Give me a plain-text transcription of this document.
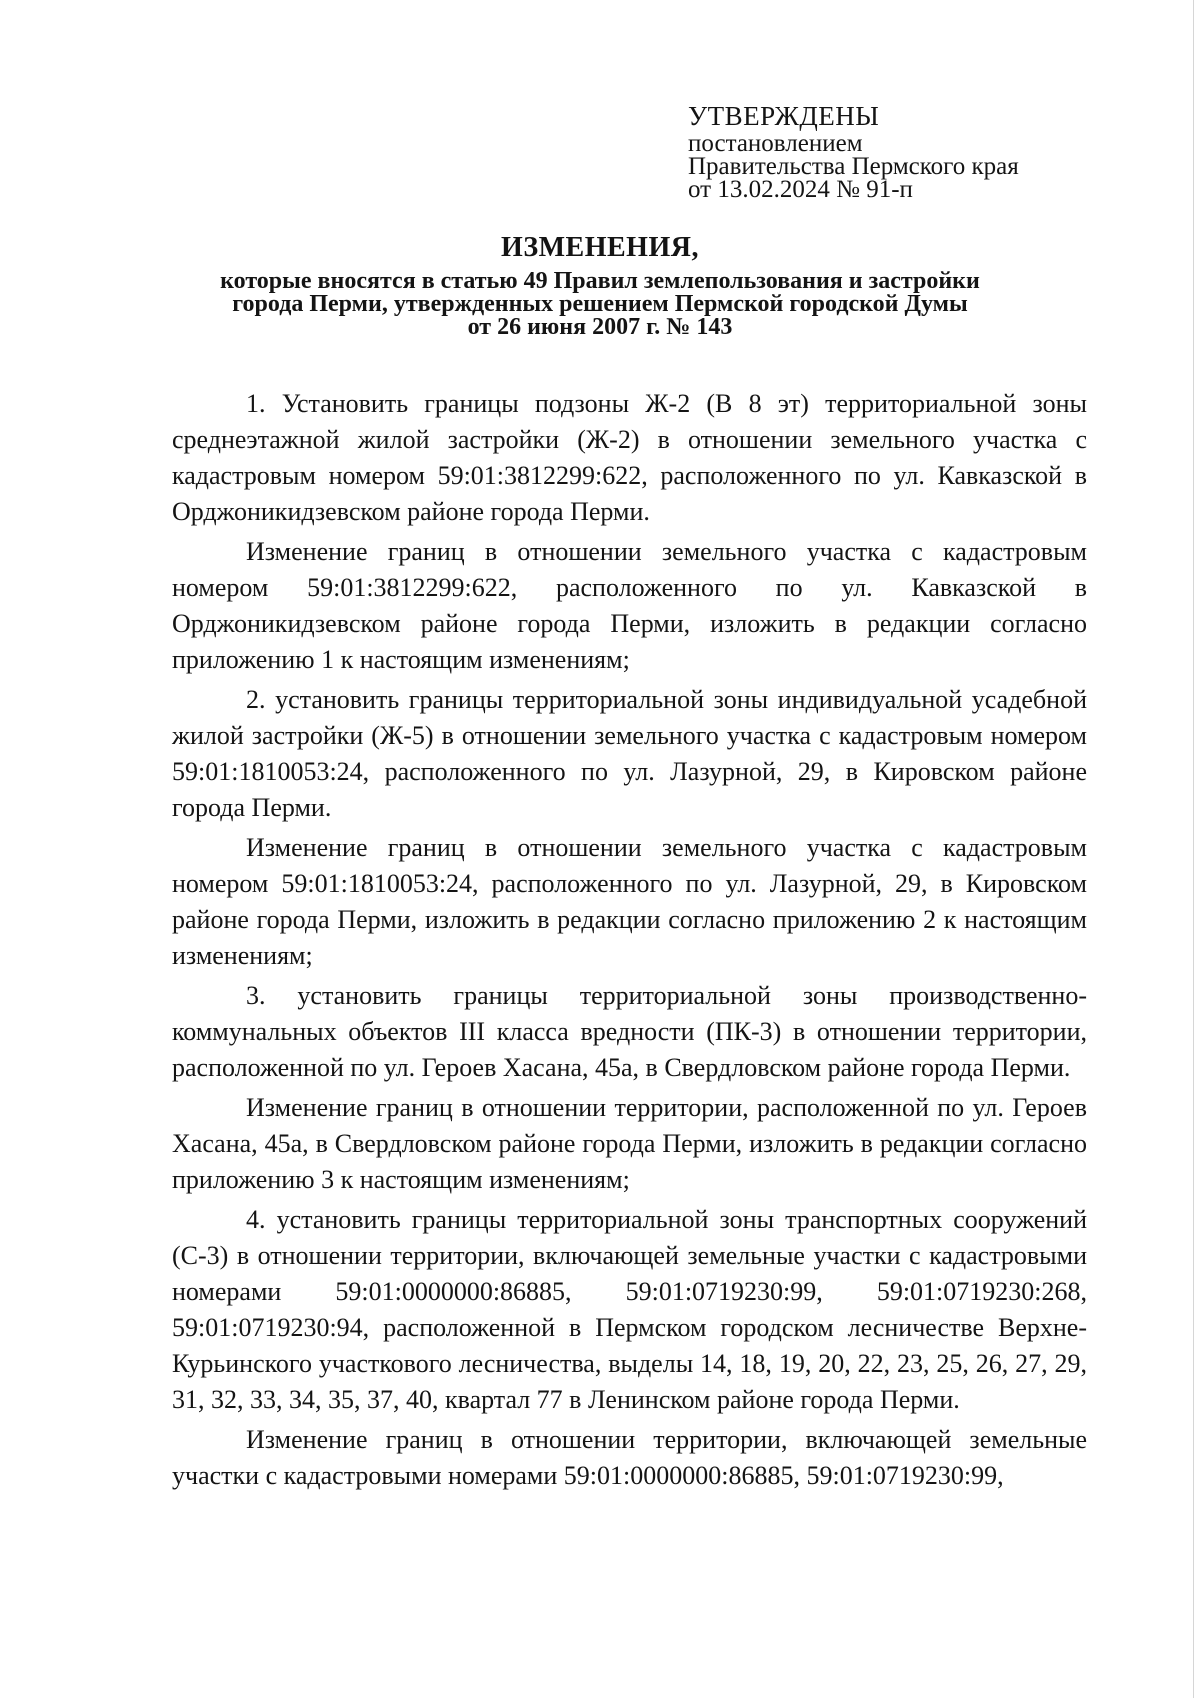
УТВЕРЖДЕНЫ
постановлением
Правительства Пермского края
от 13.02.2024 № 91-п
ИЗМЕНЕНИЯ,
которые вносятся в статью 49 Правил землепользования и застройки
города Перми, утвержденных решением Пермской городской Думы
от 26 июня 2007 г. № 143

1. Установить границы подзоны Ж-2 (В 8 эт) территориальной зоны среднеэтажной жилой застройки (Ж-2) в отношении земельного участка с кадастровым номером 59:01:3812299:622, расположенного по ул. Кавказской в Орджоникидзевском районе города Перми.

Изменение границ в отношении земельного участка с кадастровым номером 59:01:3812299:622, расположенного по ул. Кавказской в Орджоникидзевском районе города Перми, изложить в редакции согласно приложению 1 к настоящим изменениям;

2. установить границы территориальной зоны индивидуальной усадебной жилой застройки (Ж-5) в отношении земельного участка с кадастровым номером 59:01:1810053:24, расположенного по ул. Лазурной, 29, в Кировском районе города Перми.

Изменение границ в отношении земельного участка с кадастровым номером 59:01:1810053:24, расположенного по ул. Лазурной, 29, в Кировском районе города Перми, изложить в редакции согласно приложению 2 к настоящим изменениям;

3. установить границы территориальной зоны производственно-коммунальных объектов III класса вредности (ПК-3) в отношении территории, расположенной по ул. Героев Хасана, 45а, в Свердловском районе города Перми.

Изменение границ в отношении территории, расположенной по ул. Героев Хасана, 45а, в Свердловском районе города Перми, изложить в редакции согласно приложению 3 к настоящим изменениям;

4. установить границы территориальной зоны транспортных сооружений (С-3) в отношении территории, включающей земельные участки с кадастровыми номерами 59:01:0000000:86885, 59:01:0719230:99, 59:01:0719230:268, 59:01:0719230:94, расположенной в Пермском городском лесничестве Верхне-Курьинского участкового лесничества, выделы 14, 18, 19, 20, 22, 23, 25, 26, 27, 29, 31, 32, 33, 34, 35, 37, 40, квартал 77 в Ленинском районе города Перми.

Изменение границ в отношении территории, включающей земельные участки с кадастровыми номерами 59:01:0000000:86885, 59:01:0719230:99,
